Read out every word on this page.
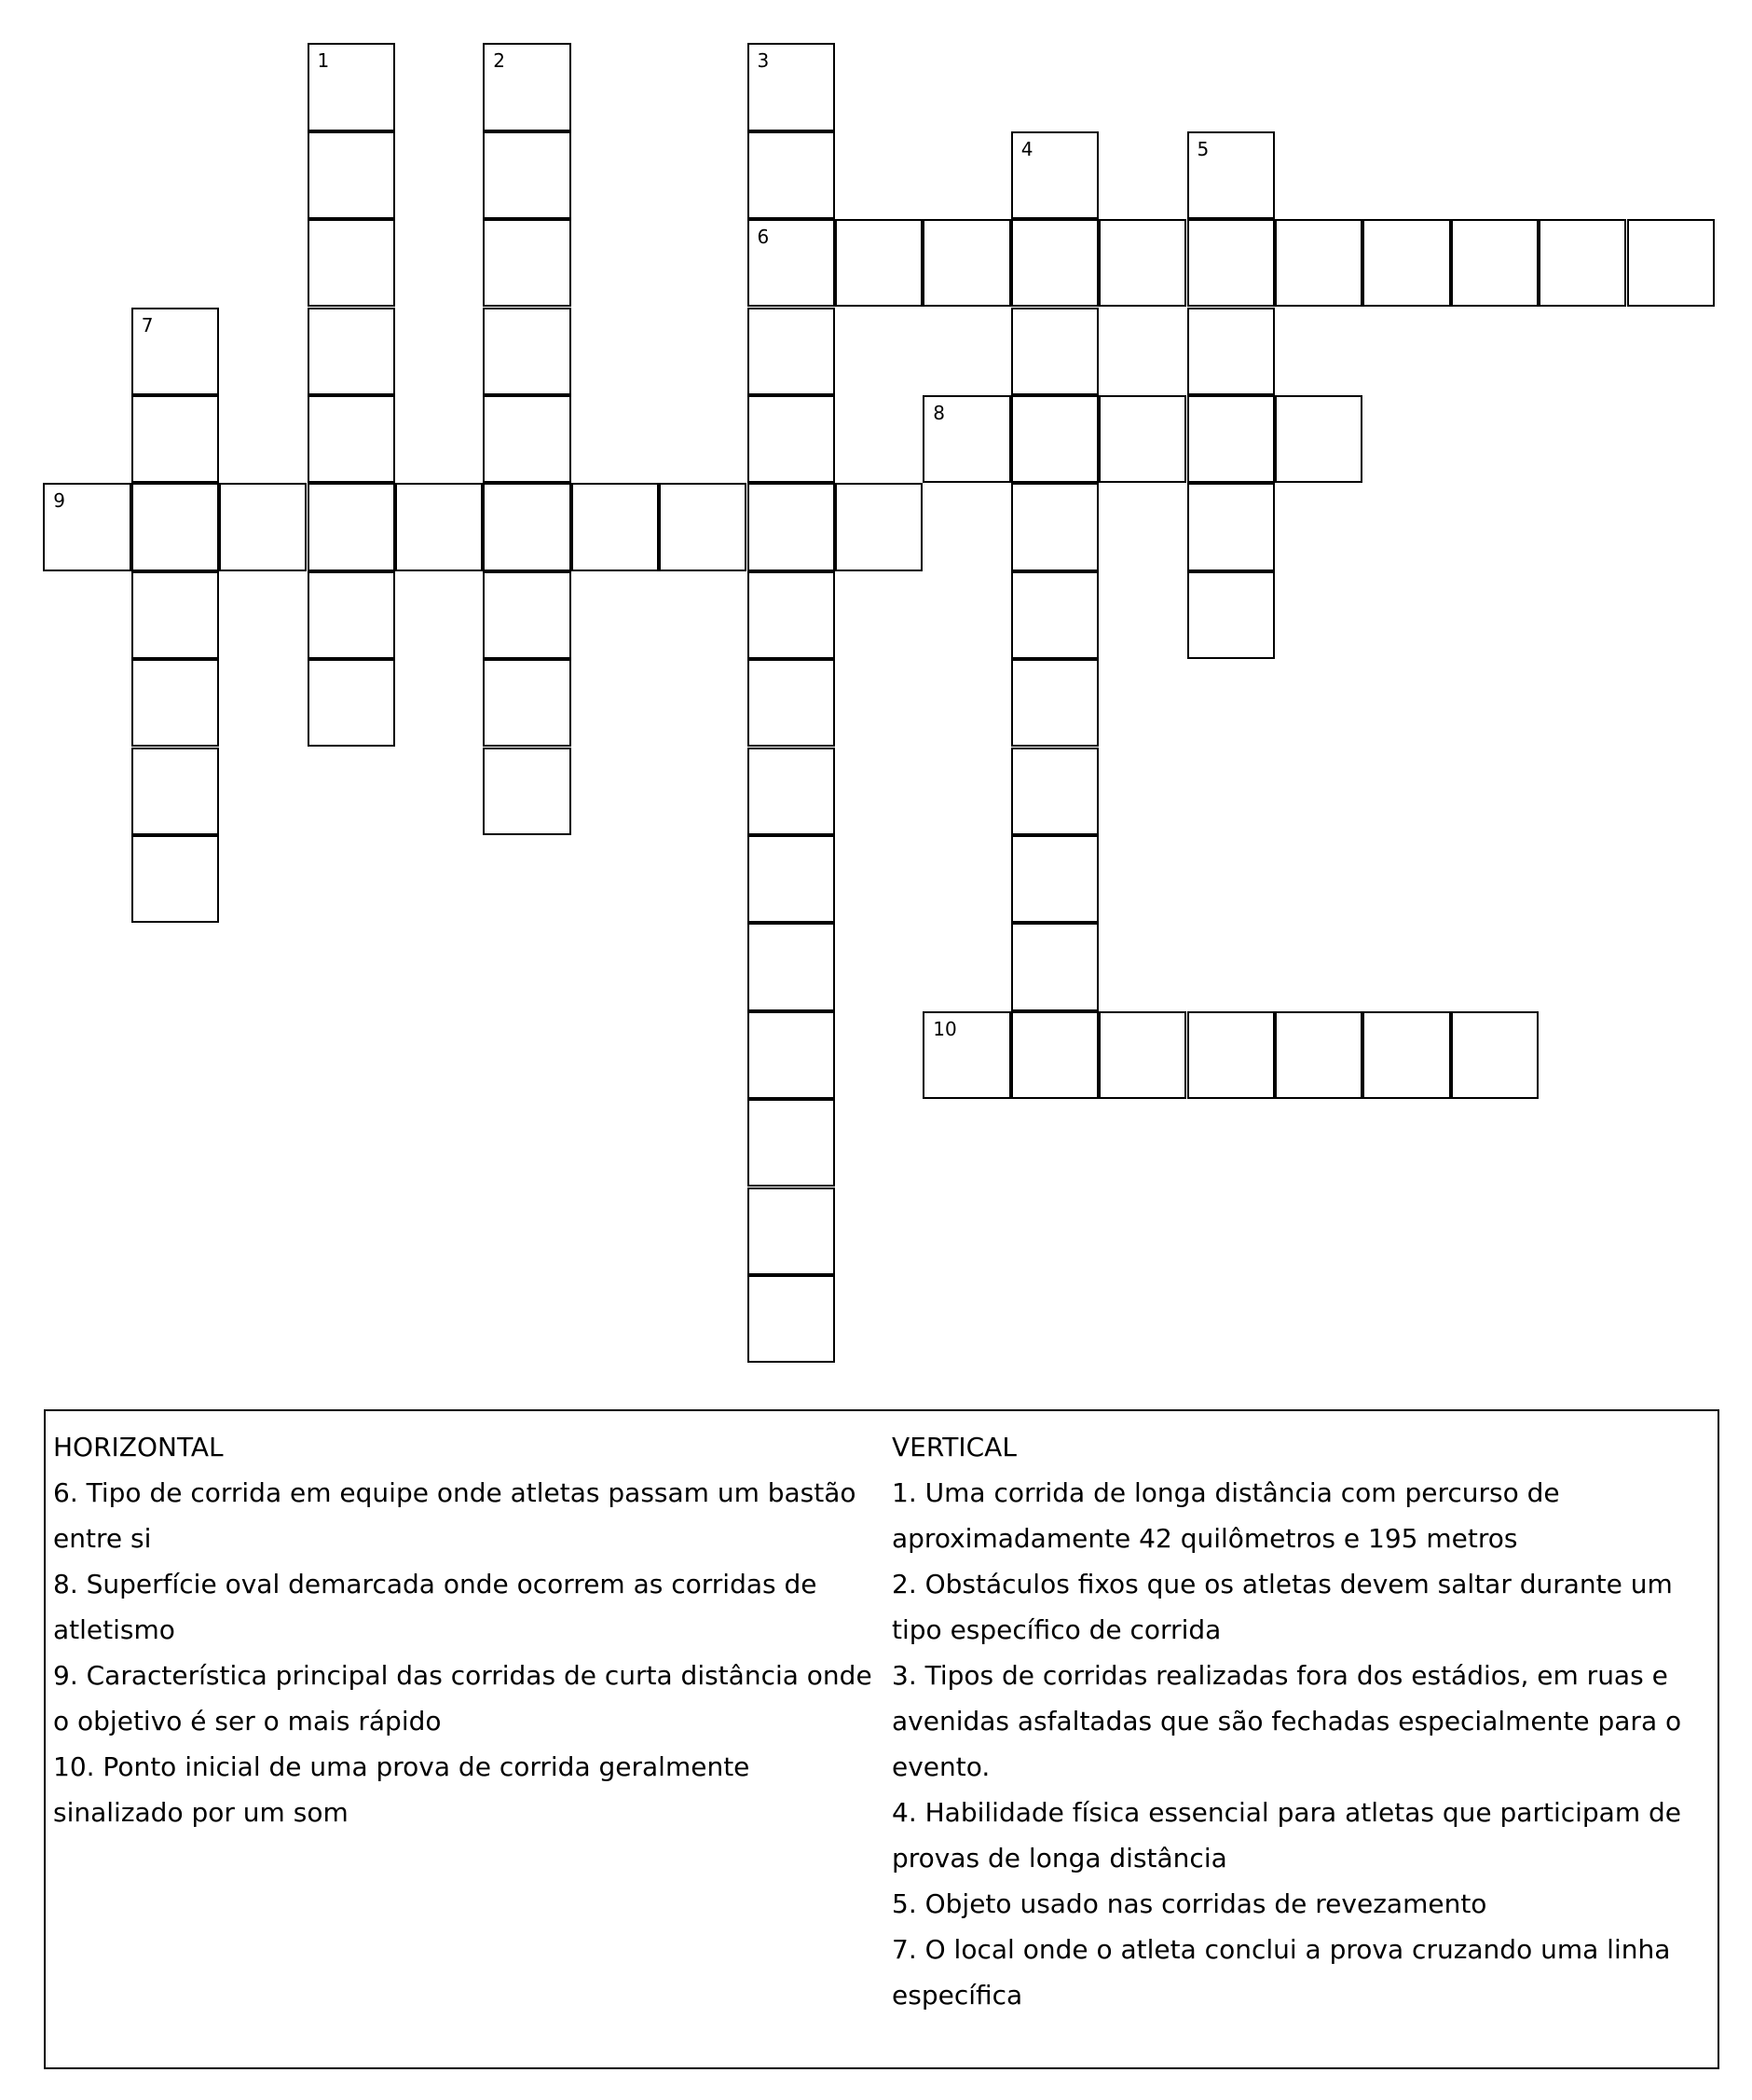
1	2	3
6
4	5
7
8
9
10

HORIZONTAL

6. Tipo de corrida em equipe onde atletas passam um bastão entre si

8. Superfície oval demarcada onde ocorrem as corridas de atletismo

9. Característica principal das corridas de curta distância onde o objetivo é ser o mais rápido

10. Ponto inicial de uma prova de corrida geralmente sinalizado por um som

VERTICAL

1. Uma corrida de longa distância com percurso de aproximadamente 42 quilômetros e 195 metros

2. Obstáculos fixos que os atletas devem saltar durante um tipo específico de corrida

3. Tipos de corridas realizadas fora dos estádios, em ruas e avenidas asfaltadas que são fechadas especialmente para o evento.

4. Habilidade física essencial para atletas que participam de provas de longa distância

5. Objeto usado nas corridas de revezamento

7. O local onde o atleta conclui a prova cruzando uma linha específica
